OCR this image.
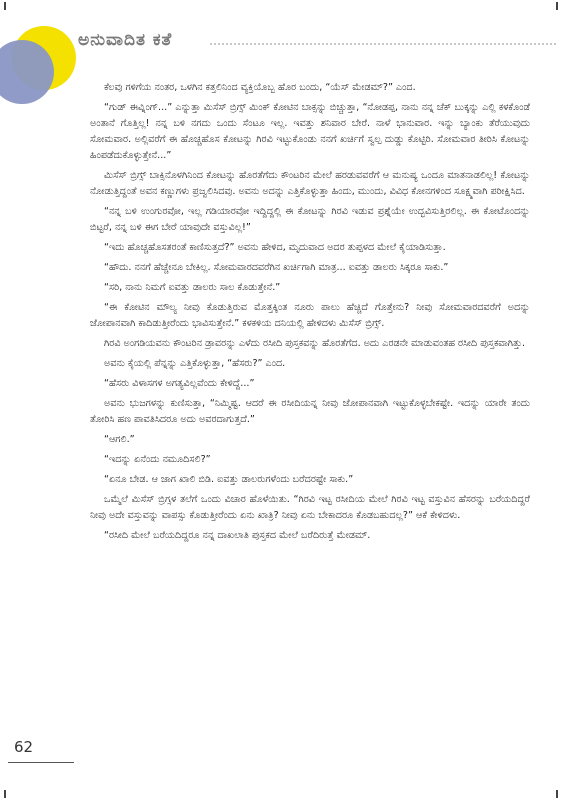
ಅನುವಾದಿತ ಕತೆ

ಕೆಲವು ಗಳಿಗೆಯ ನಂತರ, ಒಳಗಿನ ಕತ್ತಲಿನಿಂದ ವ್ಯಕ್ತಿಯೊಬ್ಬ ಹೊರ ಬಂದು, “ಯೆಸ್ ಮೇಡಮ್?” ಎಂದ.

“ಗುಡ್ ಈವ್ನಿಂಗ್...” ಎನ್ನುತ್ತಾ ಮಿಸೆಸ್ ಬ್ರಿಗ್ಸ್ ಮಿಂಕ್ ಕೋಟಿನ ಬಾಕ್ಸನ್ನು ಬಿಚ್ಚುತ್ತಾ, “ನೋಡಪ್ಪ, ನಾನು ನನ್ನ ಚೆಕ್ ಬುಕ್ಕನ್ನು ಎಲ್ಲಿ ಕಳಕೊಂಡೆ ಅಂತಾನೆ ಗೊತ್ತಿಲ್ಲ! ನನ್ನ ಬಳಿ ನಗದು ಒಂದು ಸೆಂಟೂ ಇಲ್ಲ. ಇವತ್ತು ಶನಿವಾರ ಬೇರೆ. ನಾಳೆ ಭಾನುವಾರ. ಇನ್ನು ಬ್ಯಾಂಕು ತೆರೆಯುವುದು ಸೋಮವಾರ. ಅಲ್ಲಿವರೆಗೆ ಈ ಹೊಚ್ಚಹೊಸ ಕೋಟನ್ನು ಗಿರವಿ ಇಟ್ಟುಕೊಂಡು ನನಗೆ ಖರ್ಚಿಗೆ ಸ್ವಲ್ಪ ದುಡ್ಡು ಕೊಟ್ಟಿರಿ. ಸೋಮವಾರ ತೀರಿಸಿ ಕೋಟನ್ನು ಹಿಂಪಡೆದುಕೊಳ್ಳುತ್ತೇನೆ...”

ಮಿಸೆಸ್ ಬ್ರಿಗ್ಸ್ ಬಾಕ್ಸಿನೊಳಗಿನಿಂದ ಕೋಟನ್ನು ಹೊರತೆಗೆದು ಕೌಂಟರಿನ ಮೇಲೆ ಹರಡುವವರೆಗೆ ಆ ಮನುಷ್ಯ ಒಂದೂ ಮಾತನಾಡಲಿಲ್ಲ! ಕೋಟನ್ನು ನೋಡುತ್ತಿದ್ದಂತೆ ಅವನ ಕಣ್ಣುಗಳು ಪ್ರಜ್ವಲಿಸಿದವು. ಅವನು ಅದನ್ನು ಎತ್ತಿಕೊಳ್ಳುತ್ತಾ ಹಿಂದು, ಮುಂದು, ವಿವಿಧ ಕೋನಗಳಿಂದ ಸೂಕ್ಷ್ಮವಾಗಿ ಪರೀಕ್ಷಿಸಿದ.

“ನನ್ನ ಬಳಿ ಉಂಗುರವೋ, ಇಲ್ಲ ಗಡಿಯಾರವೋ ಇದ್ದಿದ್ದಲ್ಲಿ ಈ ಕೋಟನ್ನು ಗಿರವಿ ಇಡುವ ಪ್ರಶ್ನೆಯೇ ಉದ್ಭವಿಸುತ್ತಿರಲಿಲ್ಲ. ಈ ಕೋಟೊಂದನ್ನು ಬಿಟ್ಟರೆ, ನನ್ನ ಬಳಿ ಈಗ ಬೇರೆ ಯಾವುದೇ ವಸ್ತುವಿಲ್ಲ!”

“ಇದು ಹೊಚ್ಚಹೊಸತರಂತೆ ಕಾಣಿಸುತ್ತದೆ?” ಅವನು ಹೇಳಿದ, ಮೃದುವಾದ ಅದರ ತುಪ್ಪಳದ ಮೇಲೆ ಕೈಯಾಡಿಸುತ್ತಾ.

“ಹೌದು. ನನಗೆ ಹೆಚ್ಚೇನೂ ಬೇಕಿಲ್ಲ. ಸೋಮವಾರದವರೆಗಿನ ಖರ್ಚಿಗಾಗಿ ಮಾತ್ರ... ಐವತ್ತು ಡಾಲರು ಸಿಕ್ಕರೂ ಸಾಕು.”

“ಸರಿ, ನಾನು ನಿಮಗೆ ಐವತ್ತು ಡಾಲರು ಸಾಲ ಕೊಡುತ್ತೇನೆ.”

“ಈ ಕೋಟಿನ ಮೌಲ್ಯ ನೀವು ಕೊಡುತ್ತಿರುವ ಮೊತ್ತಕ್ಕಿಂತ ನೂರು ಪಾಲು ಹೆಚ್ಚಿದೆ ಗೊತ್ತೇನು? ನೀವು ಸೋಮವಾರದವರೆಗೆ ಅದನ್ನು ಜೋಪಾನವಾಗಿ ಕಾದಿಡುತ್ತೀರೆಂದು ಭಾವಿಸುತ್ತೇನೆ.” ಕಳಕಳಿಯ ದನಿಯಲ್ಲಿ ಹೇಳಿದಳು ಮಿಸೆಸ್ ಬ್ರಿಗ್ಸ್.

ಗಿರವಿ ಅಂಗಡಿಯವನು ಕೌಂಟರಿನ ಡ್ರಾವರನ್ನು ಎಳೆದು ರಸೀದಿ ಪುಸ್ತಕವನ್ನು ಹೊರತೆಗೆದ. ಅದು ಎರಡನೇ ಮಾಡುವಂತಹ ರಸೀದಿ ಪುಸ್ತಕವಾಗಿತ್ತು.

ಅವನು ಕೈಯಲ್ಲಿ ಪೆನ್ನನ್ನು ಎತ್ತಿಕೊಳ್ಳುತ್ತಾ, “ಹೆಸರು?” ಎಂದ.

“ಹೆಸರು ವಿಳಾಸಗಳ ಅಗತ್ಯವಿಲ್ಲವೆಂದು ಕೇಳಿದ್ದೆ...”

ಅವನು ಭುಜಗಳನ್ನು ಕುಣಿಸುತ್ತಾ, “ನಿಮ್ಮಿಷ್ಟ. ಆದರೆ ಈ ರಸೀದಿಯನ್ನ ನೀವು ಜೋಪಾನವಾಗಿ ಇಟ್ಟುಕೊಳ್ಳಬೇಕಷ್ಟೇ. ಇದನ್ನು ಯಾರೇ ತಂದು ತೋರಿಸಿ ಹಣ ಪಾವತಿಸಿದರೂ ಅದು ಅವರದಾಗುತ್ತದೆ.”

“ಆಗಲಿ.”

“ಇದನ್ನು ಏನೆಂದು ನಮೂದಿಸಲಿ?”

“ಏನೂ ಬೇಡ. ಆ ಜಾಗ ಖಾಲಿ ಬಿಡಿ. ಐವತ್ತು ಡಾಲರುಗಳೆಂದು ಬರೆದರಷ್ಟೇ ಸಾಕು.”

ಒಮ್ಮೆಲೆ ಮಿಸೆಸ್ ಬ್ರಿಗ್ಸಳ ತಲೆಗೆ ಒಂದು ವಿಚಾರ ಹೊಳೆಯಿತು. “ಗಿರವಿ ಇಟ್ಟ ರಸೀದಿಯ ಮೇಲೆ ಗಿರವಿ ಇಟ್ಟ ವಸ್ತುವಿನ ಹೆಸರನ್ನು ಬರೆಯದಿದ್ದರೆ ನೀವು ಅದೇ ವಸ್ತುವನ್ನು ವಾಪಸ್ಸು ಕೊಡುತ್ತೀರೆಂದು ಏನು ಖಾತ್ರಿ? ನೀವು ಏನು ಬೇಕಾದರೂ ಕೊಡಬಹುದಲ್ಲ?” ಆಕೆ ಕೇಳಿದಳು.

“ರಸೀದಿ ಮೇಲೆ ಬರೆಯದಿದ್ದರೂ ನನ್ನ ದಾಖಲಾತಿ ಪುಸ್ತಕದ ಮೇಲೆ ಬರೆದಿರುತ್ತೆ ಮೇಡಮ್.

62
